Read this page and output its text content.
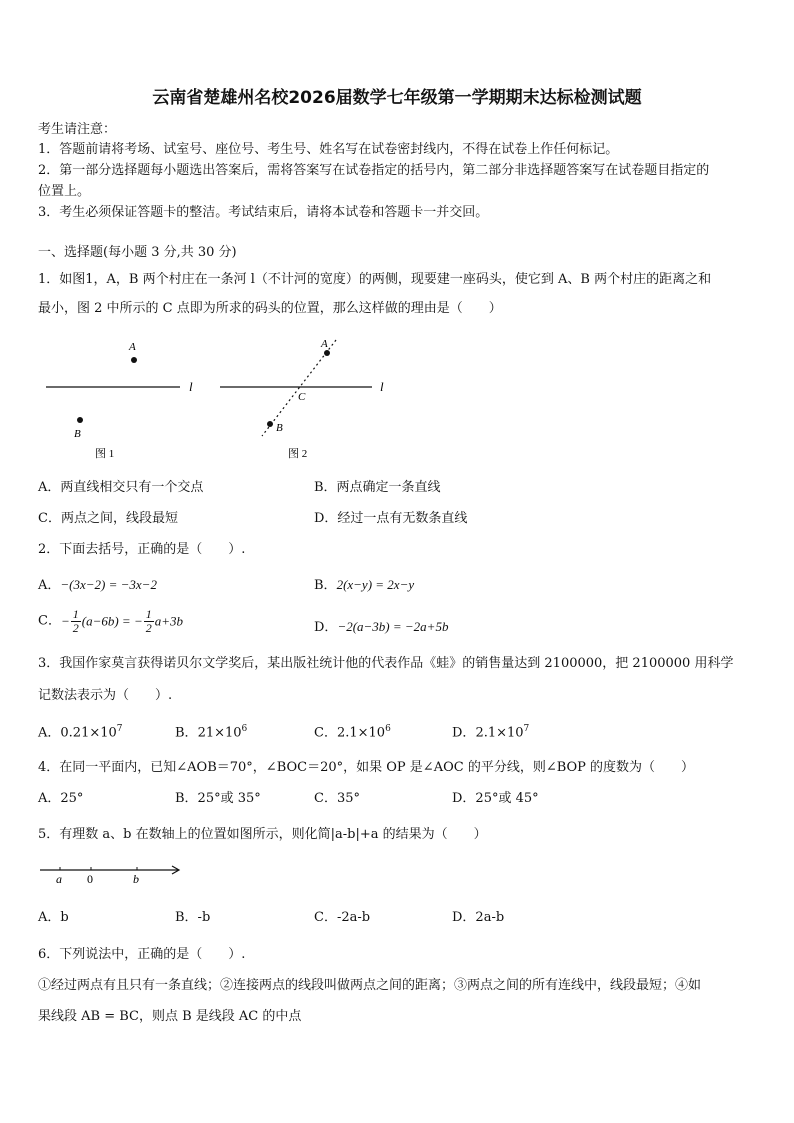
云南省楚雄州名校2026届数学七年级第一学期期末达标检测试题
考生请注意：
1．答题前请将考场、试室号、座位号、考生号、姓名写在试卷密封线内，不得在试卷上作任何标记。
2．第一部分选择题每小题选出答案后，需将答案写在试卷指定的括号内，第二部分非选择题答案写在试卷题目指定的
位置上。
3．考生必须保证答题卡的整洁。考试结束后，请将本试卷和答题卡一并交回。
一、选择题(每小题 3 分,共 30 分)
1．如图1，A，B 两个村庄在一条河 l（不计河的宽度）的两侧，现要建一座码头，使它到 A、B 两个村庄的距离之和
最小，图 2 中所示的 C 点即为所求的码头的位置，那么这样做的理由是（　　）
l
A
B
图 1
l
A
B
C
图 2
A．两直线相交只有一个交点	B．两点确定一条直线
C．两点之间，线段最短	D．经过一点有无数条直线
2．下面去括号，正确的是（　　）.
A．−(3x−2) = −3x−2	B．2(x−y) = 2x−y
C．− $\frac{1}{2} (a-6b)$ = − $\frac{1}{2} a+3b$	D．−2(a−3b) = −2a+5b
3．我国作家莫言获得诺贝尔文学奖后，某出版社统计他的代表作品《蛙》的销售量达到 2100000，把 2100000 用科学
记数法表示为（　　）.
A．$0.21\times 10^7$	B．$21\times 10^6$	C．$2.1\times 10^6$	D．$2.1\times 10^7$
4．在同一平面内，已知∠AOB＝70°，∠BOC＝20°，如果 OP 是∠AOC 的平分线，则∠BOP 的度数为（　　）
A．25°	B．25°或 35°	C．35°	D．25°或 45°
5．有理数 a、b 在数轴上的位置如图所示，则化简|a-b|+a 的结果为（　　）
a 0	b
A．b	B．-b	C．-2a-b	D．2a-b
6．下列说法中，正确的是（　　）.
①经过两点有且只有一条直线；②连接两点的线段叫做两点之间的距离；③两点之间的所有连线中，线段最短；④如
果线段 AB = BC，则点 B 是线段 AC 的中点
